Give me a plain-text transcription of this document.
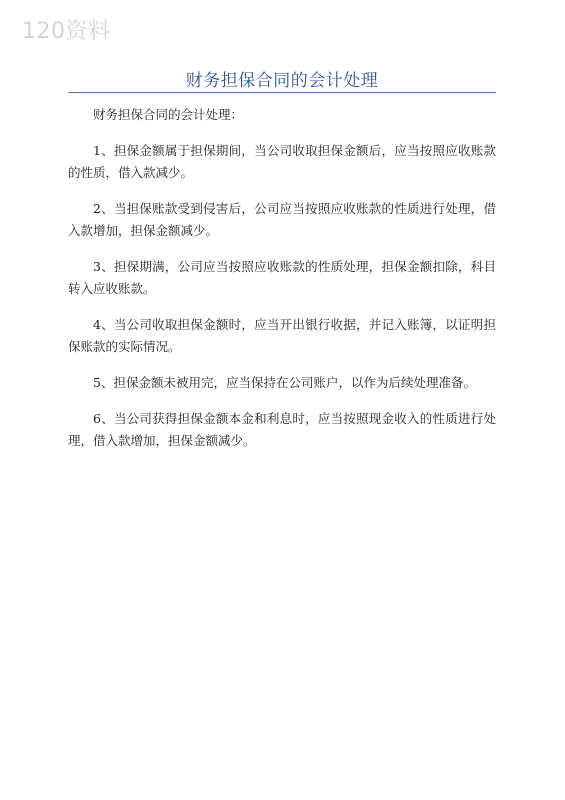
120资料
财务担保合同的会计处理

财务担保合同的会计处理：

1、担保金额属于担保期间，当公司收取担保金额后，应当按照应收账款的性质，借入款减少。

2、当担保账款受到侵害后，公司应当按照应收账款的性质进行处理，借入款增加，担保金额减少。

3、担保期满，公司应当按照应收账款的性质处理，担保金额扣除，科目转入应收账款。

4、当公司收取担保金额时，应当开出银行收据，并记入账簿，以证明担保账款的实际情况。

5、担保金额未被用完，应当保持在公司账户，以作为后续处理准备。

6、当公司获得担保金额本金和利息时，应当按照现金收入的性质进行处理，借入款增加，担保金额减少。
